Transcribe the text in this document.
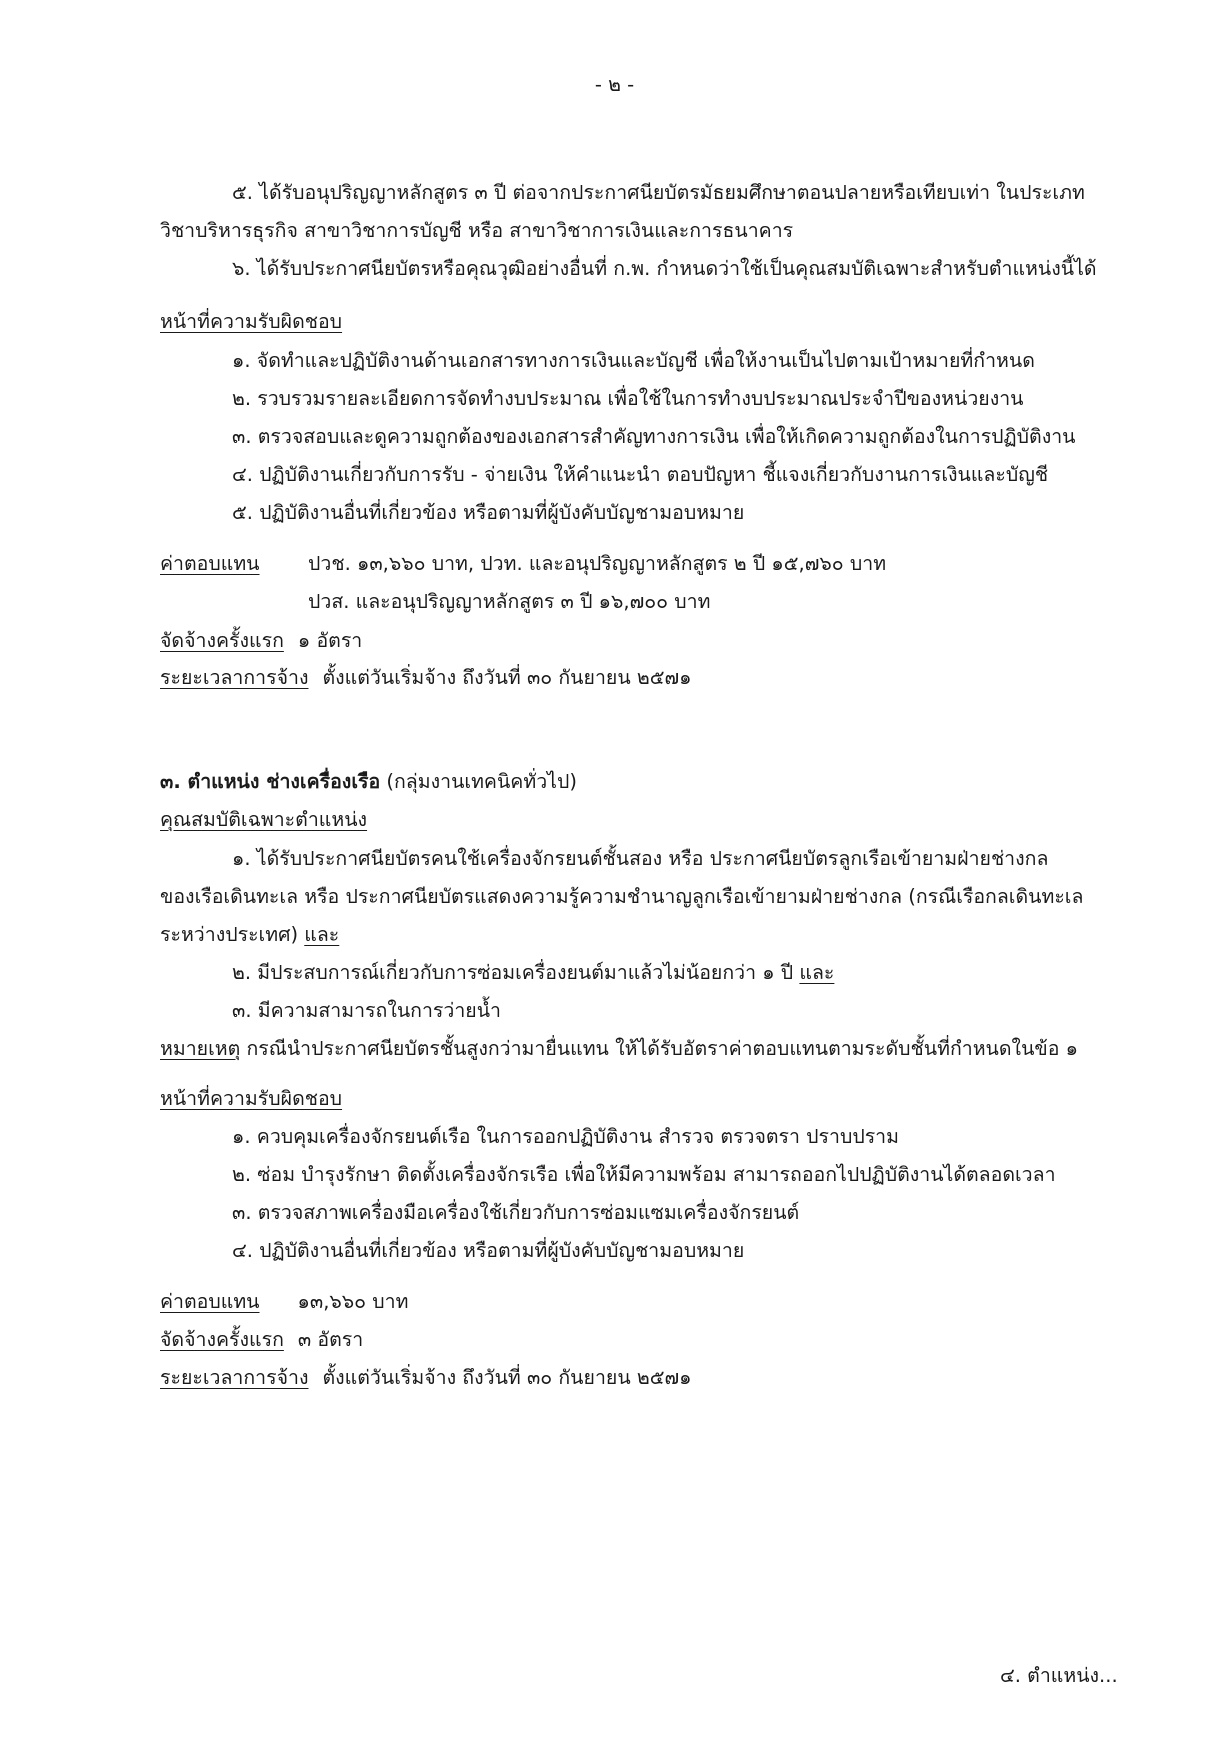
- ๒ -
๕. ได้รับอนุปริญญาหลักสูตร ๓ ปี ต่อจากประกาศนียบัตรมัธยมศึกษาตอนปลายหรือเทียบเท่า ในประเภท
วิชาบริหารธุรกิจ สาขาวิชาการบัญชี หรือ สาขาวิชาการเงินและการธนาคาร
๖. ได้รับประกาศนียบัตรหรือคุณวุฒิอย่างอื่นที่ ก.พ. กำหนดว่าใช้เป็นคุณสมบัติเฉพาะสำหรับตำแหน่งนี้ได้
หน้าที่ความรับผิดชอบ
๑. จัดทำและปฏิบัติงานด้านเอกสารทางการเงินและบัญชี เพื่อให้งานเป็นไปตามเป้าหมายที่กำหนด
๒. รวบรวมรายละเอียดการจัดทำงบประมาณ เพื่อใช้ในการทำงบประมาณประจำปีของหน่วยงาน
๓. ตรวจสอบและดูความถูกต้องของเอกสารสำคัญทางการเงิน เพื่อให้เกิดความถูกต้องในการปฏิบัติงาน
๔. ปฏิบัติงานเกี่ยวกับการรับ - จ่ายเงิน ให้คำแนะนำ ตอบปัญหา ชี้แจงเกี่ยวกับงานการเงินและบัญชี
๕. ปฏิบัติงานอื่นที่เกี่ยวข้อง หรือตามที่ผู้บังคับบัญชามอบหมาย
ค่าตอบแทน ปวช. ๑๓,๖๖๐ บาท, ปวท. และอนุปริญญาหลักสูตร ๒ ปี ๑๕,๗๖๐ บาท
ปวส. และอนุปริญญาหลักสูตร ๓ ปี ๑๖,๗๐๐ บาท
จัดจ้างครั้งแรก ๑ อัตรา
ระยะเวลาการจ้าง ตั้งแต่วันเริ่มจ้าง ถึงวันที่ ๓๐ กันยายน ๒๕๗๑
๓. ตำแหน่ง ช่างเครื่องเรือ (กลุ่มงานเทคนิคทั่วไป)
คุณสมบัติเฉพาะตำแหน่ง
๑. ได้รับประกาศนียบัตรคนใช้เครื่องจักรยนต์ชั้นสอง หรือ ประกาศนียบัตรลูกเรือเข้ายามฝ่ายช่างกล
ของเรือเดินทะเล หรือ ประกาศนียบัตรแสดงความรู้ความชำนาญลูกเรือเข้ายามฝ่ายช่างกล (กรณีเรือกลเดินทะเล
ระหว่างประเทศ) และ
๒. มีประสบการณ์เกี่ยวกับการซ่อมเครื่องยนต์มาแล้วไม่น้อยกว่า ๑ ปี และ
๓. มีความสามารถในการว่ายน้ำ
หมายเหตุ กรณีนำประกาศนียบัตรชั้นสูงกว่ามายื่นแทน ให้ได้รับอัตราค่าตอบแทนตามระดับชั้นที่กำหนดในข้อ ๑
หน้าที่ความรับผิดชอบ
๑. ควบคุมเครื่องจักรยนต์เรือ ในการออกปฏิบัติงาน สำรวจ ตรวจตรา ปราบปราม
๒. ซ่อม บำรุงรักษา ติดตั้งเครื่องจักรเรือ เพื่อให้มีความพร้อม สามารถออกไปปฏิบัติงานได้ตลอดเวลา
๓. ตรวจสภาพเครื่องมือเครื่องใช้เกี่ยวกับการซ่อมแซมเครื่องจักรยนต์
๔. ปฏิบัติงานอื่นที่เกี่ยวข้อง หรือตามที่ผู้บังคับบัญชามอบหมาย
ค่าตอบแทน ๑๓,๖๖๐ บาท
จัดจ้างครั้งแรก ๓ อัตรา
ระยะเวลาการจ้าง ตั้งแต่วันเริ่มจ้าง ถึงวันที่ ๓๐ กันยายน ๒๕๗๑
๔. ตำแหน่ง...
